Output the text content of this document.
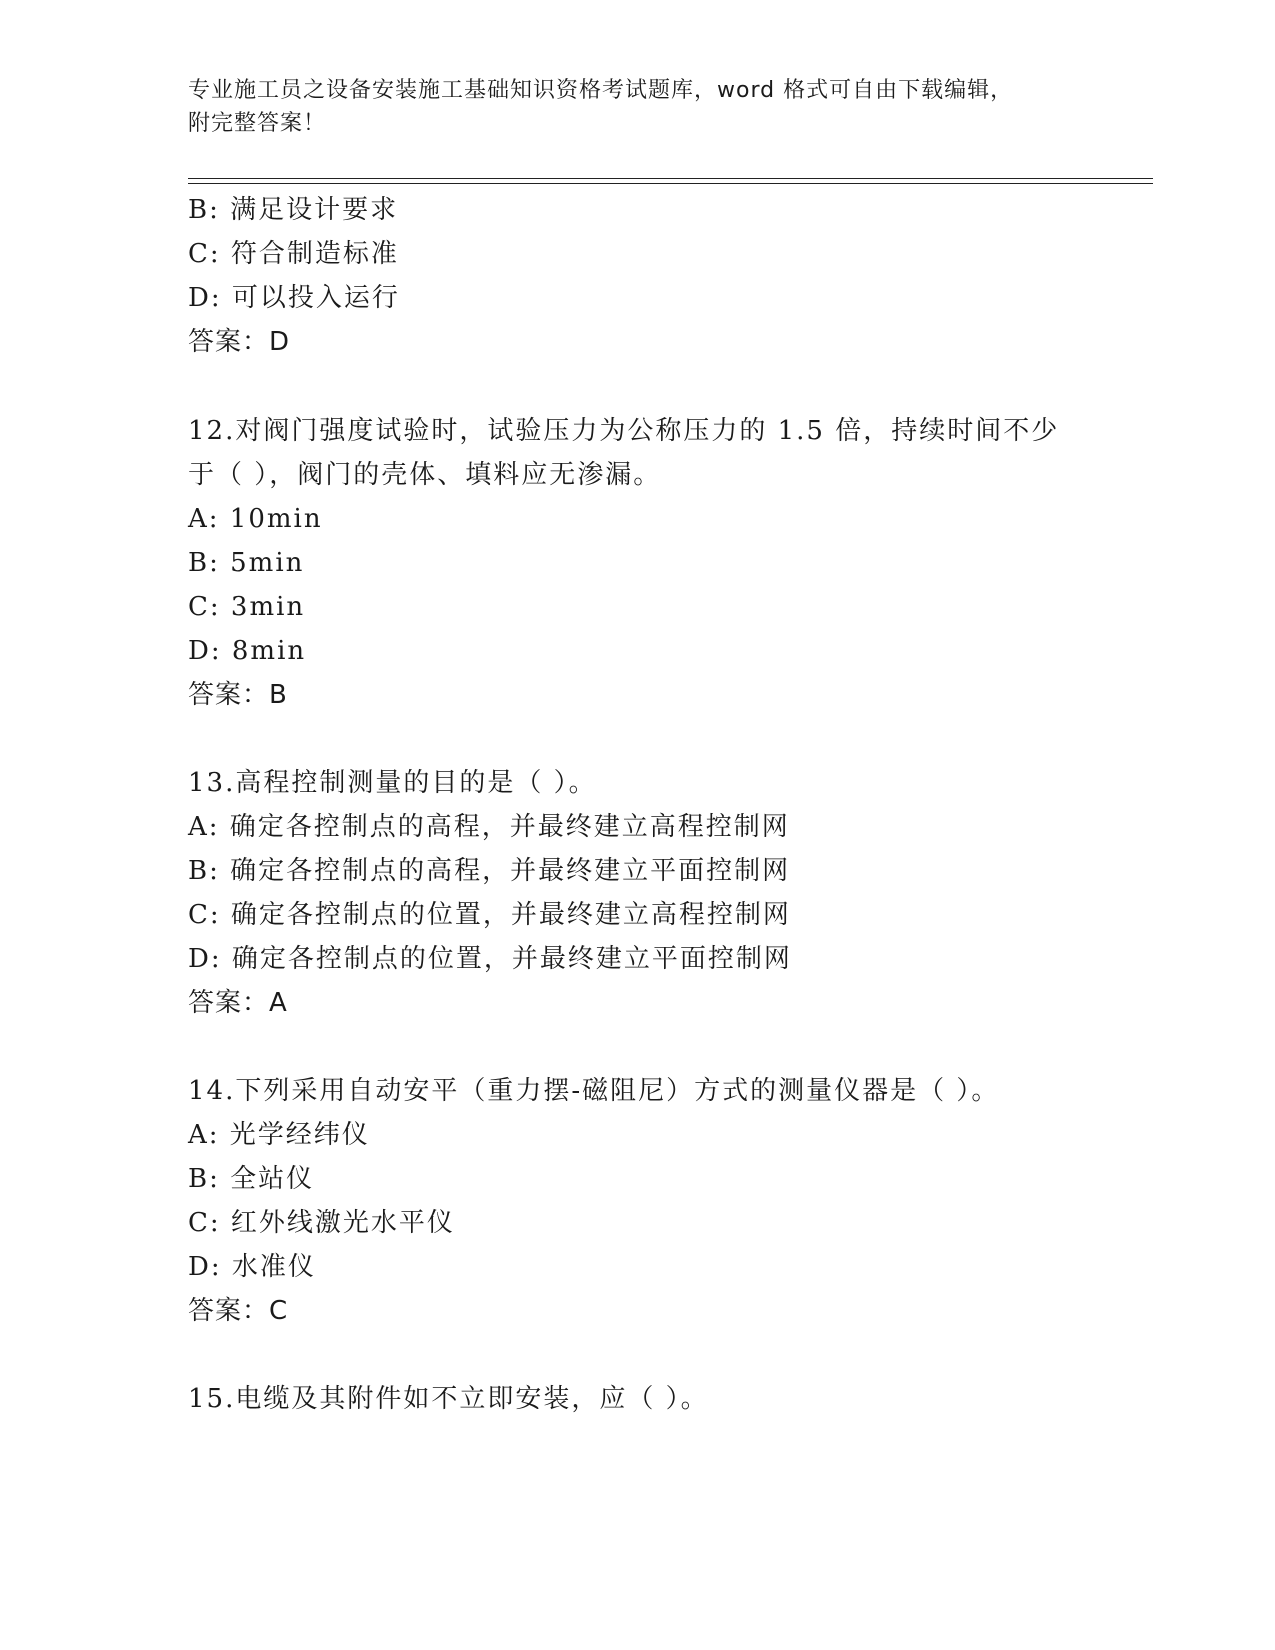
专业施工员之设备安装施工基础知识资格考试题库，word 格式可自由下载编辑，
附完整答案！
B: 满足设计要求
C: 符合制造标准
D: 可以投入运行
答案：D
12.对阀门强度试验时，试验压力为公称压力的 1.5 倍，持续时间不少
于（ ），阀门的壳体、填料应无渗漏。
A: 10min
B: 5min
C: 3min
D: 8min
答案：B
13.高程控制测量的目的是（ ）。
A: 确定各控制点的高程，并最终建立高程控制网
B: 确定各控制点的高程，并最终建立平面控制网
C: 确定各控制点的位置，并最终建立高程控制网
D: 确定各控制点的位置，并最终建立平面控制网
答案：A
14.下列采用自动安平（重力摆-磁阻尼）方式的测量仪器是（ ）。
A: 光学经纬仪
B: 全站仪
C: 红外线激光水平仪
D: 水准仪
答案：C
15.电缆及其附件如不立即安装，应（ ）。
